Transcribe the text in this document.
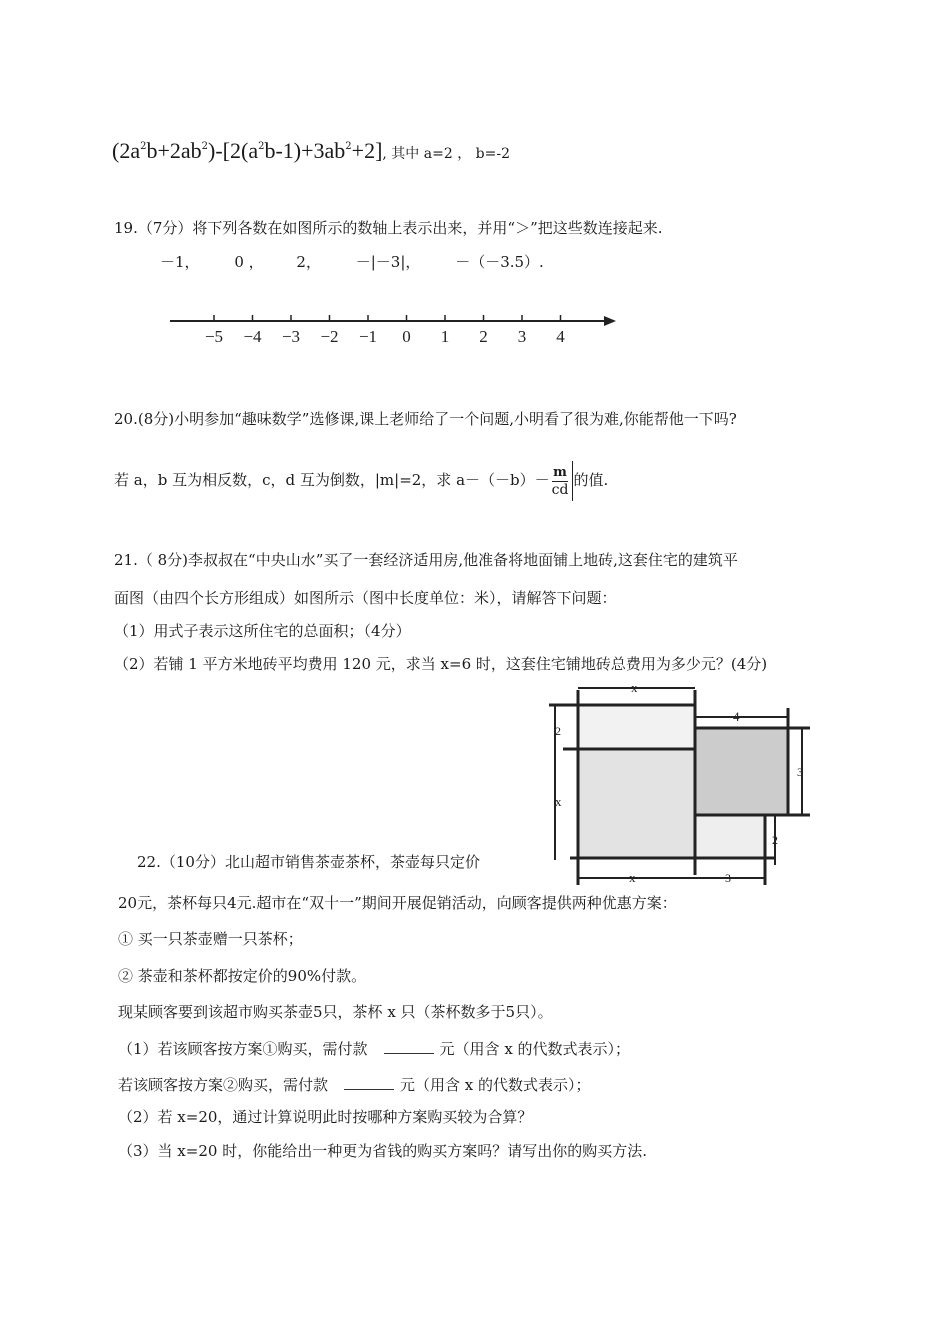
$(2a^2b+2ab^2)-[2(a^2b-1)+3ab^2+2]$, 其中 a=2 ， b=-2
19.（7分）将下列各数在如图所示的数轴上表示出来，并用“＞”把这些数连接起来.
－1， 0 ， 2， －|－3|， －（－3.5）.
−5 −4 −3 −2 −1 0 1 2 3 4
20.(8分)小明参加“趣味数学”选修课,课上老师给了一个问题,小明看了很为难,你能帮他一下吗?
若 a，b 互为相反数，c，d 互为倒数，|m|=2，求 $a-(-b)- \frac{m}{cd}$ 的值.
21.（ 8分)李叔叔在“中央山水”买了一套经济适用房,他准备将地面铺上地砖,这套住宅的建筑平
面图（由四个长方形组成）如图所示（图中长度单位：米），请解答下问题：
（1）用式子表示这所住宅的总面积；（4分）
（2）若铺 1 平方米地砖平均费用 120 元，求当 x=6 时，这套住宅铺地砖总费用为多少元？(4分)
x
4
2
x
3
2
x	3
22.（10分）北山超市销售茶壶茶杯，茶壶每只定价
20元，茶杯每只4元.超市在“双十一”期间开展促销活动，向顾客提供两种优惠方案：
① 买一只茶壶赠一只茶杯；
② 茶壶和茶杯都按定价的90%付款。
现某顾客要到该超市购买茶壶5只，茶杯 x 只（茶杯数多于5只）。
（1）若该顾客按方案①购买，需付款	元（用含 x 的代数式表示）；
若该顾客按方案②购买，需付款	元（用含 x 的代数式表示）；
（2）若 x=20，通过计算说明此时按哪种方案购买较为合算？
（3）当 x=20 时，你能给出一种更为省钱的购买方案吗？请写出你的购买方法.
